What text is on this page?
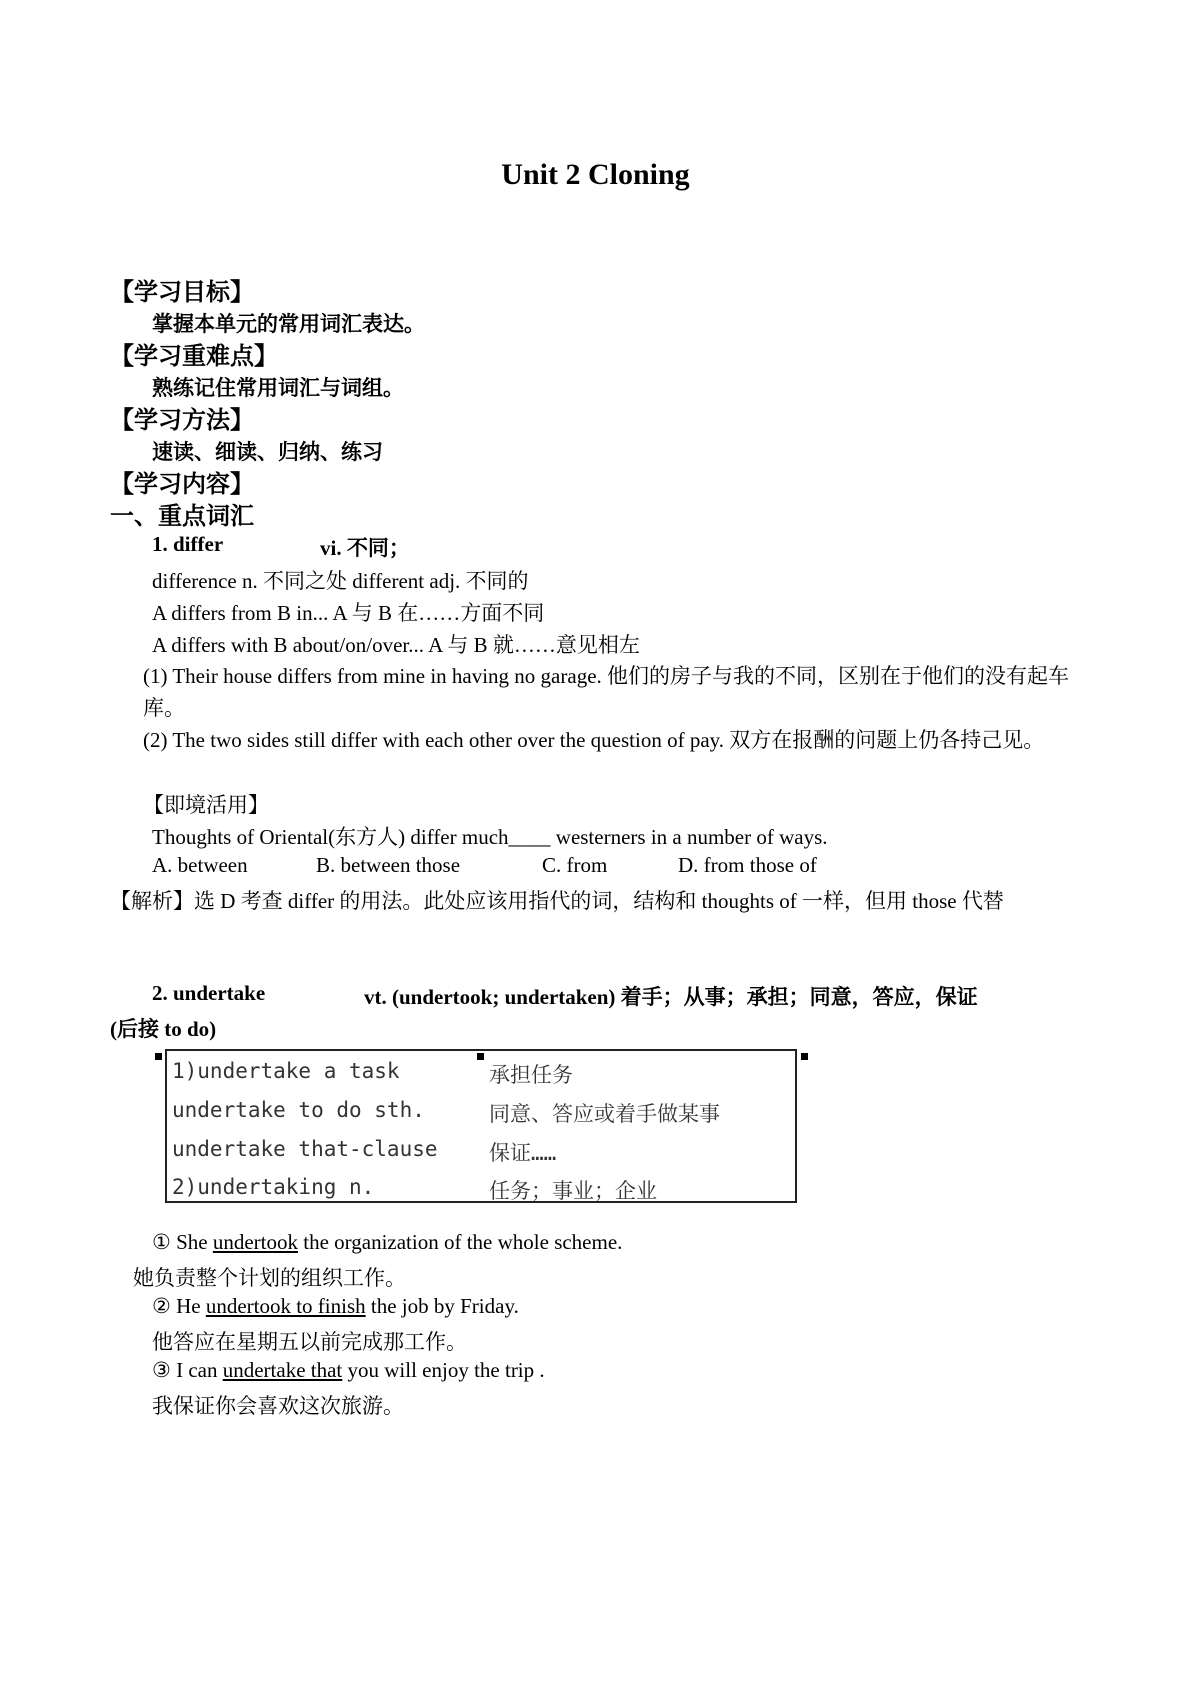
Unit 2 Cloning
【学习目标】
掌握本单元的常用词汇表达。
【学习重难点】
熟练记住常用词汇与词组。
【学习方法】
速读、细读、归纳、练习
【学习内容】
一、重点词汇
1. differ	vi. 不同；
difference n. 不同之处 different adj. 不同的
A differs from B in... A 与 B 在……方面不同
A differs with B about/on/over... A 与 B 就……意见相左
(1) Their house differs from mine in having no garage. 他们的房子与我的不同，区别在于他们的没有起车库。
(2) The two sides still differ with each other over the question of pay. 双方在报酬的问题上仍各持己见。
【即境活用】
Thoughts of Oriental(东方人) differ much____ westerners in a number of ways.
A. between	B. between those	C. from	D. from those of
【解析】选 D 考查 differ 的用法。此处应该用指代的词，结构和 thoughts of 一样，但用 those 代替
2. undertake	vt. (undertook; undertaken) 着手；从事；承担；同意，答应，保证
(后接 to do)
1)undertake a task	承担任务
undertake to do sth.	同意、答应或着手做某事
undertake that-clause 保证……
2)undertaking n.	任务；事业；企业
① She undertook the organization of the whole scheme.
她负责整个计划的组织工作。
② He undertook to finish the job by Friday.
他答应在星期五以前完成那工作。
③ I can undertake that you will enjoy the trip .
我保证你会喜欢这次旅游。
